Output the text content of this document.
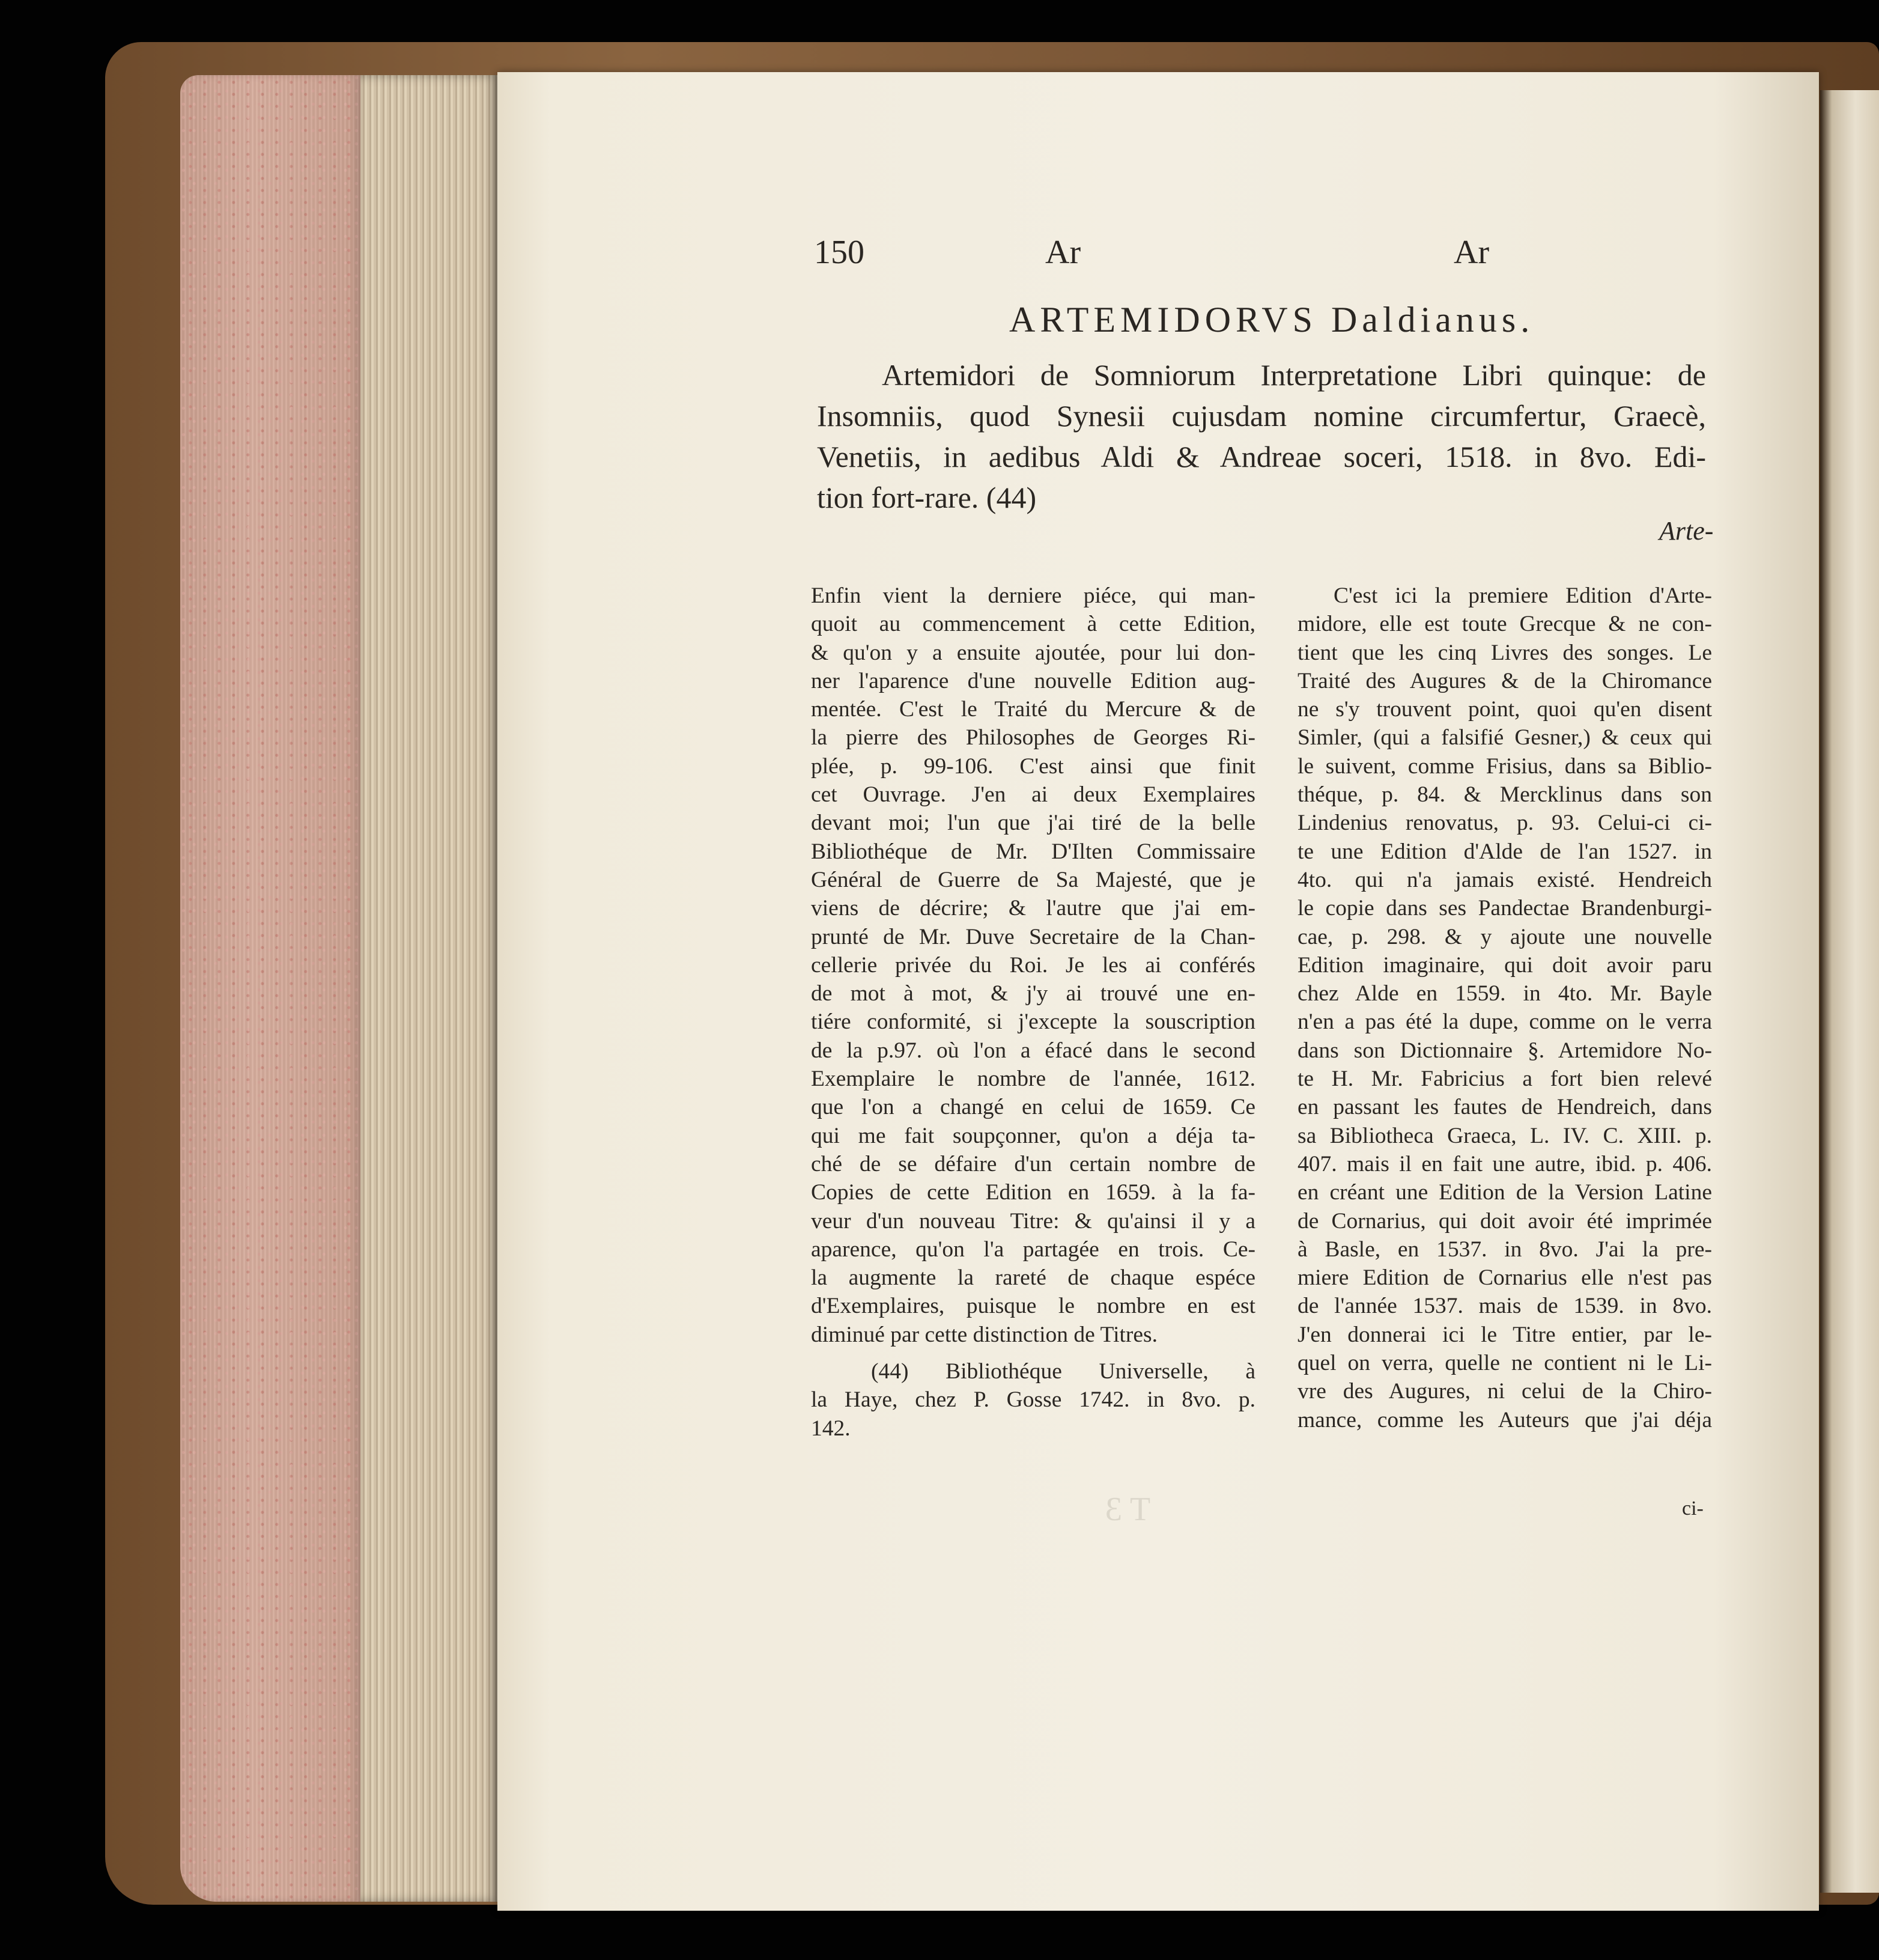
150	Ar	Ar
ARTEMIDORVS Daldianus.
Artemidori de Somniorum Interpretatione Libri quinque: de
Insomniis, quod Synesii cujusdam nomine circumfertur, Graecè,
Venetiis, in aedibus Aldi & Andreae soceri, 1518. in 8vo. Edi-
tion fort-rare. (44)
Arte-
Enfin vient la derniere piéce, qui man-
quoit au commencement à cette Edition,
& qu'on y a ensuite ajoutée, pour lui don-
ner l'aparence d'une nouvelle Edition aug-
mentée. C'est le Traité du Mercure & de
la pierre des Philosophes de Georges Ri-
plée, p. 99-106. C'est ainsi que finit
cet Ouvrage. J'en ai deux Exemplaires
devant moi; l'un que j'ai tiré de la belle
Bibliothéque de Mr. D'Ilten Commissaire
Général de Guerre de Sa Majesté, que je
viens de décrire; & l'autre que j'ai em-
prunté de Mr. Duve Secretaire de la Chan-
cellerie privée du Roi. Je les ai conférés
de mot à mot, & j'y ai trouvé une en-
tiére conformité, si j'excepte la souscription
de la p.97. où l'on a éfacé dans le second
Exemplaire le nombre de l'année, 1612.
que l'on a changé en celui de 1659. Ce
qui me fait soupçonner, qu'on a déja ta-
ché de se défaire d'un certain nombre de
Copies de cette Edition en 1659. à la fa-
veur d'un nouveau Titre: & qu'ainsi il y a
aparence, qu'on l'a partagée en trois. Ce-
la augmente la rareté de chaque espéce
d'Exemplaires, puisque le nombre en est
diminué par cette distinction de Titres.
(44) Bibliothéque Universelle, à
la Haye, chez P. Gosse 1742. in 8vo. p.
142.
C'est ici la premiere Edition d'Arte-
midore, elle est toute Grecque & ne con-
tient que les cinq Livres des songes. Le
Traité des Augures & de la Chiromance
ne s'y trouvent point, quoi qu'en disent
Simler, (qui a falsifié Gesner,) & ceux qui
le suivent, comme Frisius, dans sa Biblio-
théque, p. 84. & Mercklinus dans son
Lindenius renovatus, p. 93. Celui-ci ci-
te une Edition d'Alde de l'an 1527. in
4to. qui n'a jamais existé. Hendreich
le copie dans ses Pandectae Brandenburgi-
cae, p. 298. & y ajoute une nouvelle
Edition imaginaire, qui doit avoir paru
chez Alde en 1559. in 4to. Mr. Bayle
n'en a pas été la dupe, comme on le verra
dans son Dictionnaire §. Artemidore No-
te H. Mr. Fabricius a fort bien relevé
en passant les fautes de Hendreich, dans
sa Bibliotheca Graeca, L. IV. C. XIII. p.
407. mais il en fait une autre, ibid. p. 406.
en créant une Edition de la Version Latine
de Cornarius, qui doit avoir été imprimée
à Basle, en 1537. in 8vo. J'ai la pre-
miere Edition de Cornarius elle n'est pas
de l'année 1537. mais de 1539. in 8vo.
J'en donnerai ici le Titre entier, par le-
quel on verra, quelle ne contient ni le Li-
vre des Augures, ni celui de la Chiro-
mance, comme les Auteurs que j'ai déja
ci-
T 3
